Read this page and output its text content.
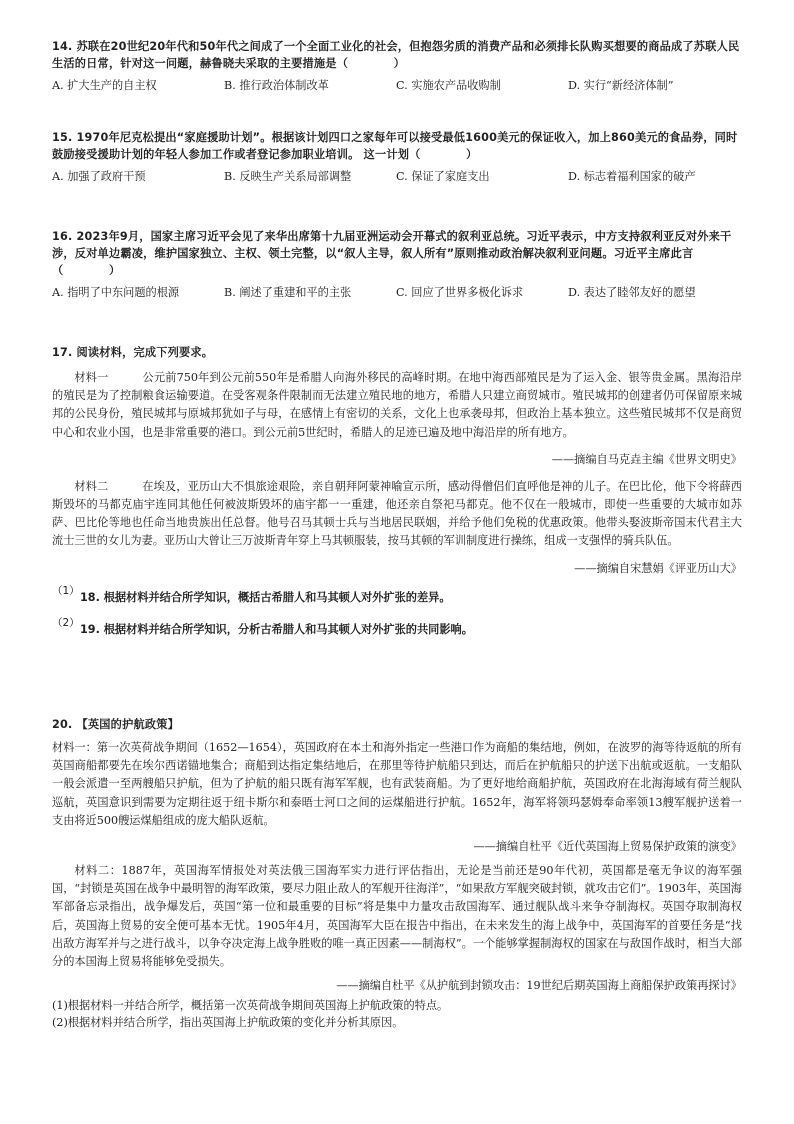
14. 苏联在20世纪20年代和50年代之间成了一个全面工业化的社会，但抱怨劣质的消费产品和必须排长队购买想要的商品成了苏联人民生活的日常，针对这一问题，赫鲁晓夫采取的主要措施是（　　　　）

A. 扩大生产的自主权	B. 推行政治体制改革	C. 实施农产品收购制	D. 实行“新经济体制”

15. 1970年尼克松提出“家庭援助计划”。根据该计划四口之家每年可以接受最低1600美元的保证收入，加上860美元的食品券，同时鼓励接受援助计划的年轻人参加工作或者登记参加职业培训。 这一计划（　　　　）

A. 加强了政府干预	B. 反映生产关系局部调整	C. 保证了家庭支出	D. 标志着福利国家的破产

16. 2023年9月，国家主席习近平会见了来华出席第十九届亚洲运动会开幕式的叙利亚总统。习近平表示，中方支持叙利亚反对外来干涉，反对单边霸凌，维护国家独立、主权、领土完整，以“叙人主导，叙人所有”原则推动政治解决叙利亚问题。习近平主席此言（　　　　）

A. 指明了中东问题的根源	B. 阐述了重建和平的主张	C. 回应了世界多极化诉求	D. 表达了睦邻友好的愿望

17. 阅读材料，完成下列要求。

材料一　　　公元前750年到公元前550年是希腊人向海外移民的高峰时期。在地中海西部殖民是为了运入金、银等贵金属。黑海沿岸的殖民是为了控制粮食运输要道。在受客观条件限制而无法建立殖民地的地方，希腊人只建立商贸城市。殖民城邦的创建者仍可保留原来城邦的公民身份，殖民城邦与原城邦犹如子与母，在感情上有密切的关系，文化上也承袭母邦，但政治上基本独立。这些殖民城邦不仅是商贸中心和农业小国，也是非常重要的港口。到公元前5世纪时，希腊人的足迹已遍及地中海沿岸的所有地方。

——摘编自马克垚主编《世界文明史》

材料二　　　在埃及，亚历山大不惧旅途艰险，亲自朝拜阿蒙神喻宣示所，感动得僧侣们直呼他是神的儿子。在巴比伦，他下令将薛西斯毁坏的马都克庙宇连同其他任何被波斯毁坏的庙宇都一一重建，他还亲自祭祀马都克。他不仅在一般城市，即使一些重要的大城市如苏萨、巴比伦等地也任命当地贵族出任总督。他号召马其顿士兵与当地居民联姻，并给予他们免税的优惠政策。他带头娶波斯帝国末代君主大流士三世的女儿为妻。亚历山大曾让三万波斯青年穿上马其顿服装，按马其顿的军训制度进行操练，组成一支强悍的骑兵队伍。

——摘编自宋慧娟《评亚历山大》

（1） 18. 根据材料并结合所学知识，概括古希腊人和马其顿人对外扩张的差异。
（2） 19. 根据材料并结合所学知识，分析古希腊人和马其顿人对外扩张的共同影响。

20. 【英国的护航政策】

材料一：第一次英荷战争期间（1652—1654），英国政府在本土和海外指定一些港口作为商船的集结地，例如，在波罗的海等待返航的所有英国商船都要先在埃尔西诺锚地集合；商船到达指定集结地后，在那里等待护航船只到达，而后在护航船只的护送下出航或返航。一支船队一般会派遣一至两艘船只护航，但为了护航的船只既有海军军舰，也有武装商船。为了更好地给商船护航，英国政府在北海海域有荷兰舰队巡航，英国意识到需要为定期往返于纽卡斯尔和泰晤士河口之间的运煤船进行护航。1652年，海军将领玛瑟姆奉命率领13艘军舰护送着一支由将近500艘运煤船组成的庞大船队返航。

——摘编自杜平《近代英国海上贸易保护政策的演变》

材料二：1887年，英国海军情报处对英法俄三国海军实力进行评估指出，无论是当前还是90年代初，英国都是毫无争议的海军强国，“封锁是英国在战争中最明智的海军政策，要尽力阻止敌人的军舰开往海洋”，“如果敌方军舰突破封锁，就攻击它们”。1903年，英国海军部备忘录指出，战争爆发后，英国“第一位和最重要的目标”将是集中力量攻击敌国海军、通过舰队战斗来争夺制海权。英国夺取制海权后，英国海上贸易的安全便可基本无忧。1905年4月，英国海军大臣在报告中指出，在未来发生的海上战争中，英国海军的首要任务是“找出敌方海军并与之进行战斗，以争夺决定海上战争胜败的唯一真正因素——制海权”。一个能够掌握制海权的国家在与敌国作战时，相当大部分的本国海上贸易将能够免受损失。

——摘编自杜平《从护航到封锁攻击：19世纪后期英国海上商船保护政策再探讨》

(1)根据材料一并结合所学，概括第一次英荷战争期间英国海上护航政策的特点。

(2)根据材料并结合所学，指出英国海上护航政策的变化并分析其原因。
